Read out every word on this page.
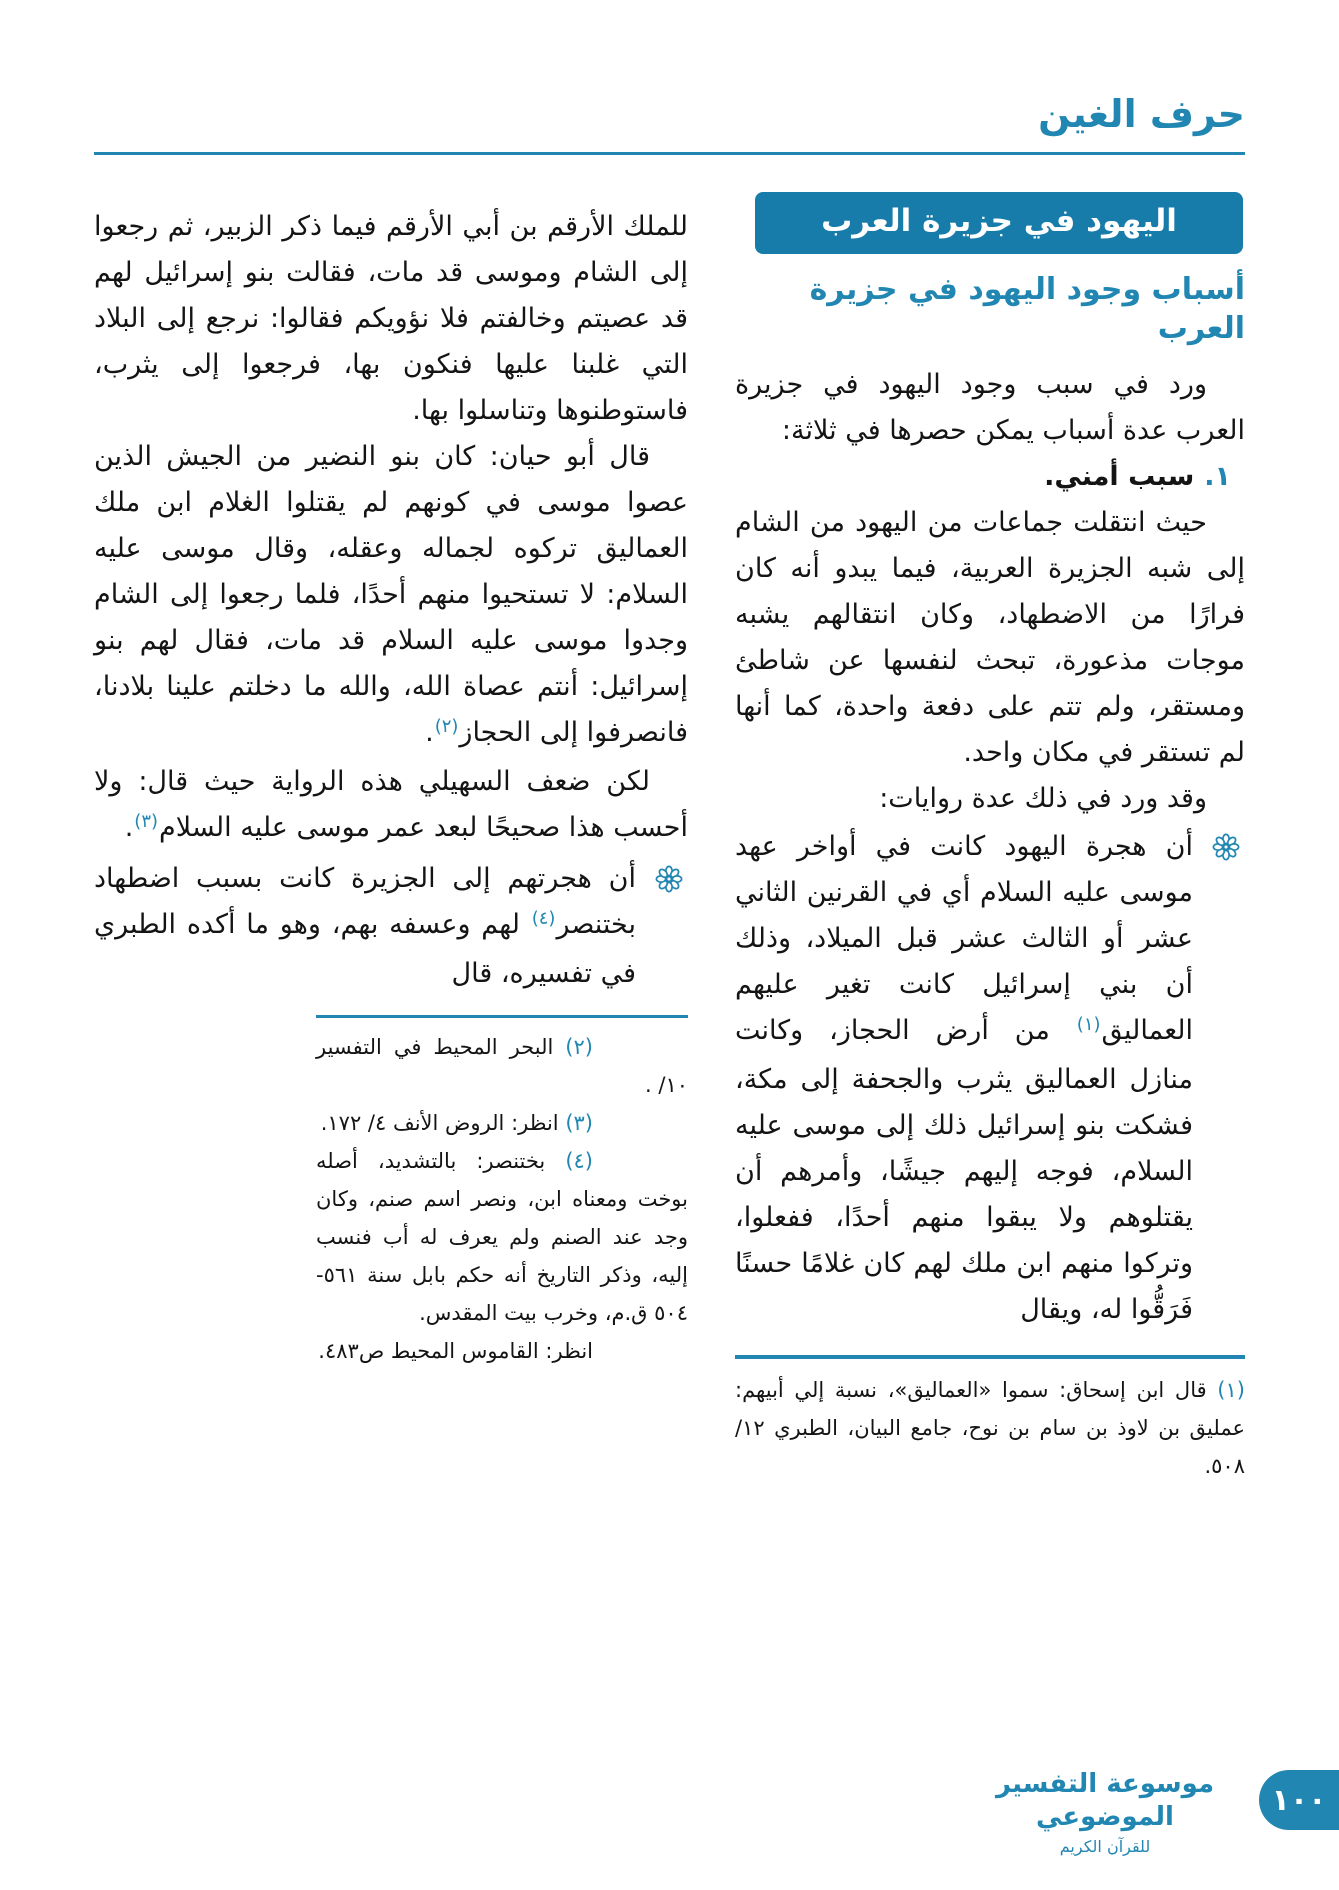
حرف الغين
اليهود في جزيرة العرب
أسباب وجود اليهود في جزيرة العرب

ورد في سبب وجود اليهود في جزيرة العرب عدة أسباب يمكن حصرها في ثلاثة:

١.سبب أمني.

حيث انتقلت جماعات من اليهود من الشام إلى شبه الجزيرة العربية، فيما يبدو أنه كان فرارًا من الاضطهاد، وكان انتقالهم يشبه موجات مذعورة، تبحث لنفسها عن شاطئ ومستقر، ولم تتم على دفعة واحدة، كما أنها لم تستقر في مكان واحد.

وقد ورد في ذلك عدة روايات:

أن هجرة اليهود كانت في أواخر عهد موسى عليه السلام أي في القرنين الثاني عشر أو الثالث عشر قبل الميلاد، وذلك أن بني إسرائيل كانت تغير عليهم العماليق$^{(١)}$ من أرض الحجاز، وكانت منازل العماليق يثرب والجحفة إلى مكة، فشكت بنو إسرائيل ذلك إلى موسى عليه السلام، فوجه إليهم جيشًا، وأمرهم أن يقتلوهم ولا يبقوا منهم أحدًا، ففعلوا، وتركوا منهم ابن ملك لهم كان غلامًا حسنًا فَرَقُّوا له، ويقال

(١) قال ابن إسحاق: سموا «العماليق»، نسبة إلي أبيهم: عمليق بن لاوذ بن سام بن نوح، جامع البيان، الطبري ١٢/ ٥٠٨.

للملك الأرقم بن أبي الأرقم فيما ذكر الزبير، ثم رجعوا إلى الشام وموسى قد مات، فقالت بنو إسرائيل لهم قد عصيتم وخالفتم فلا نؤويكم فقالوا: نرجع إلى البلاد التي غلبنا عليها فنكون بها، فرجعوا إلى يثرب، فاستوطنوها وتناسلوا بها.

قال أبو حيان: كان بنو النضير من الجيش الذين عصوا موسى في كونهم لم يقتلوا الغلام ابن ملك العماليق تركوه لجماله وعقله، وقال موسى عليه السلام: لا تستحيوا منهم أحدًا، فلما رجعوا إلى الشام وجدوا موسى عليه السلام قد مات، فقال لهم بنو إسرائيل: أنتم عصاة الله، والله ما دخلتم علينا بلادنا، فانصرفوا إلى الحجاز$^{(٢)}$.

لكن ضعف السهيلي هذه الرواية حيث قال: ولا أحسب هذا صحيحًا لبعد عمر موسى عليه السلام$^{(٣)}$.

أن هجرتهم إلى الجزيرة كانت بسبب اضطهاد بختنصر$^{(٤)}$ لهم وعسفه بهم، وهو ما أكده الطبري في تفسيره، قال

(٢) البحر المحيط في التفسير ١٠/ .

(٣) انظر: الروض الأنف ٤/ ١٧٢.

(٤) بختنصر: بالتشديد، أصله بوخت ومعناه ابن، ونصر اسم صنم، وكان وجد عند الصنم ولم يعرف له أب فنسب إليه، وذكر التاريخ أنه حكم بابل سنة ٥٦١- ٥٠٤ ق.م، وخرب بيت المقدس.

انظر: القاموس المحيط ص٤٨٣.

موسوعة التفسير الموضوعي
للقرآن الكريم
١٠٠
